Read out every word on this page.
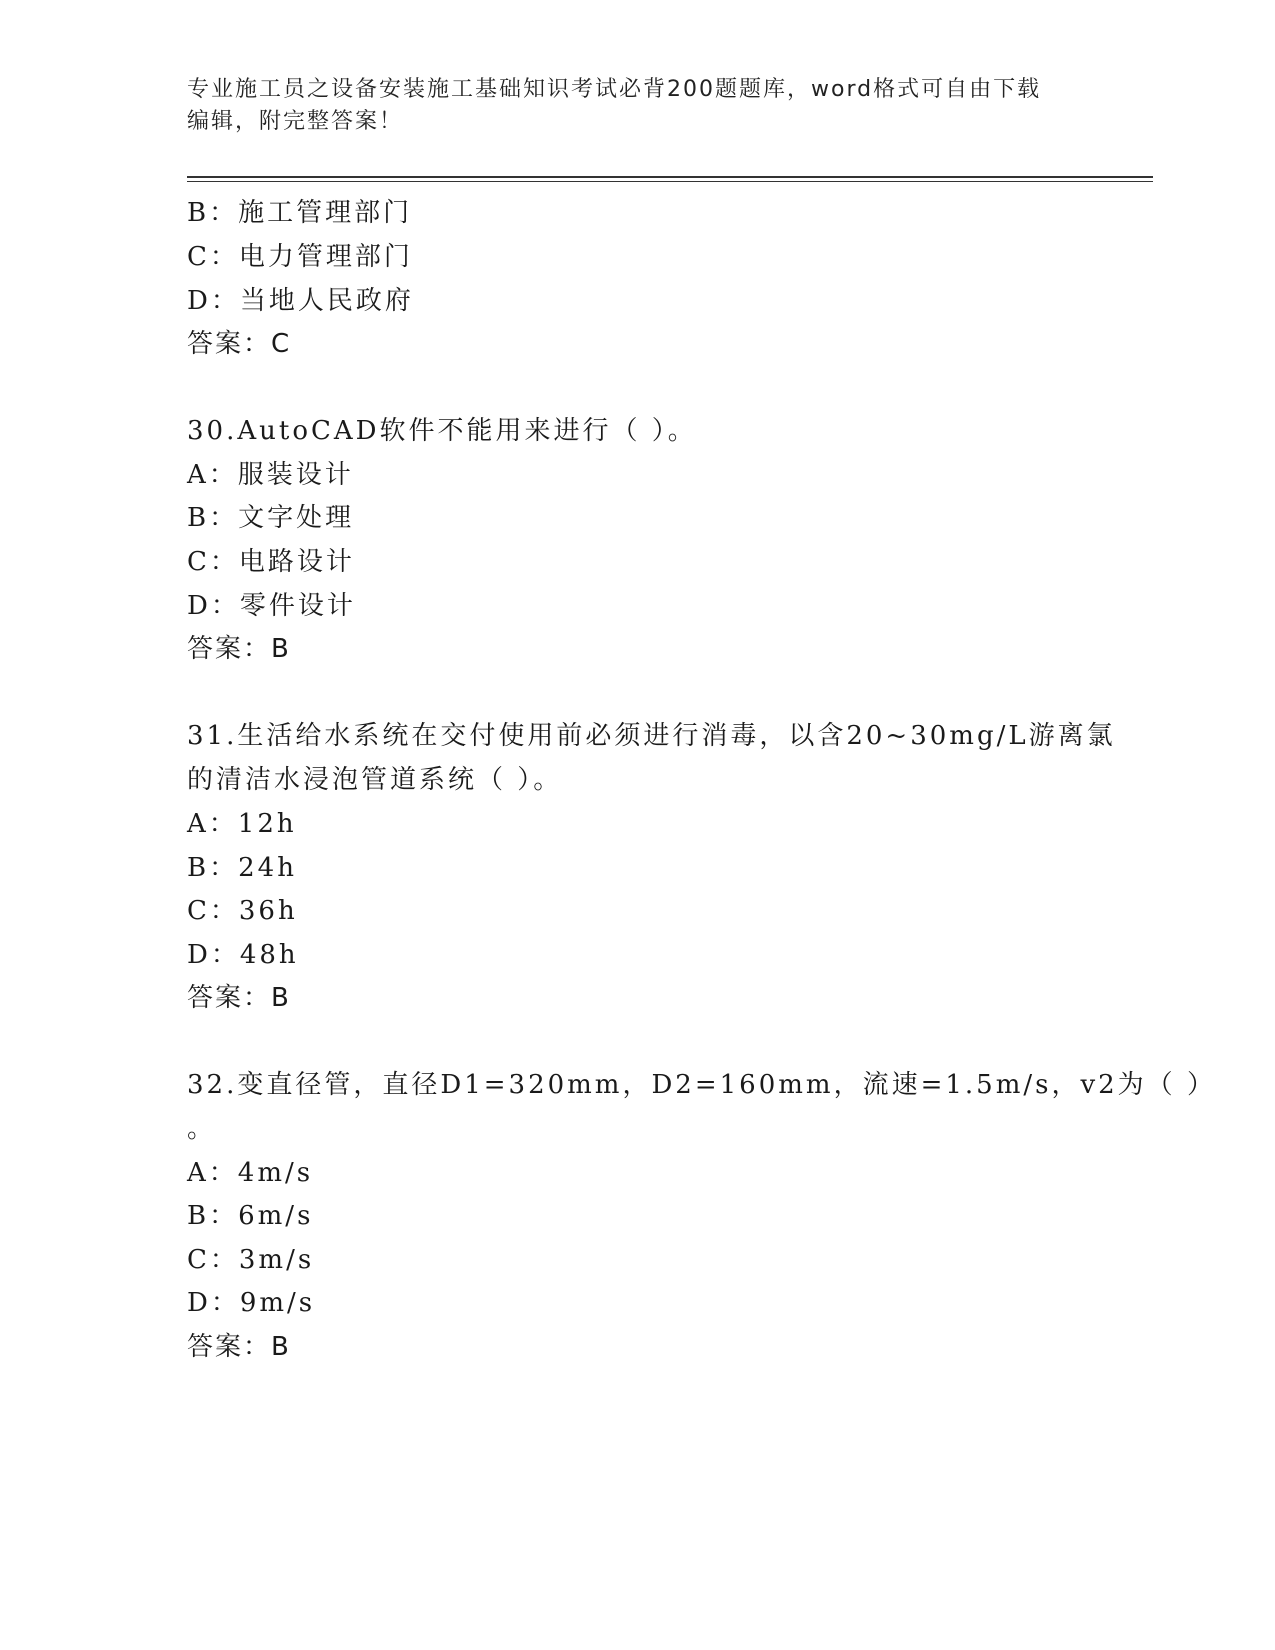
专业施工员之设备安装施工基础知识考试必背200题题库，word格式可自由下载
编辑，附完整答案！
B：施工管理部门
C：电力管理部门
D：当地人民政府
答案：C
30.AutoCAD软件不能用来进行（ ）。
A：服装设计
B：文字处理
C：电路设计
D：零件设计
答案：B
31.生活给水系统在交付使用前必须进行消毒，以含20~30mg/L游离氯
的清洁水浸泡管道系统（ ）。
A：12h
B：24h
C：36h
D：48h
答案：B
32.变直径管，直径D1=320mm，D2=160mm，流速=1.5m/s，v2为（ ）
。
A：4m/s
B：6m/s
C：3m/s
D：9m/s
答案：B
